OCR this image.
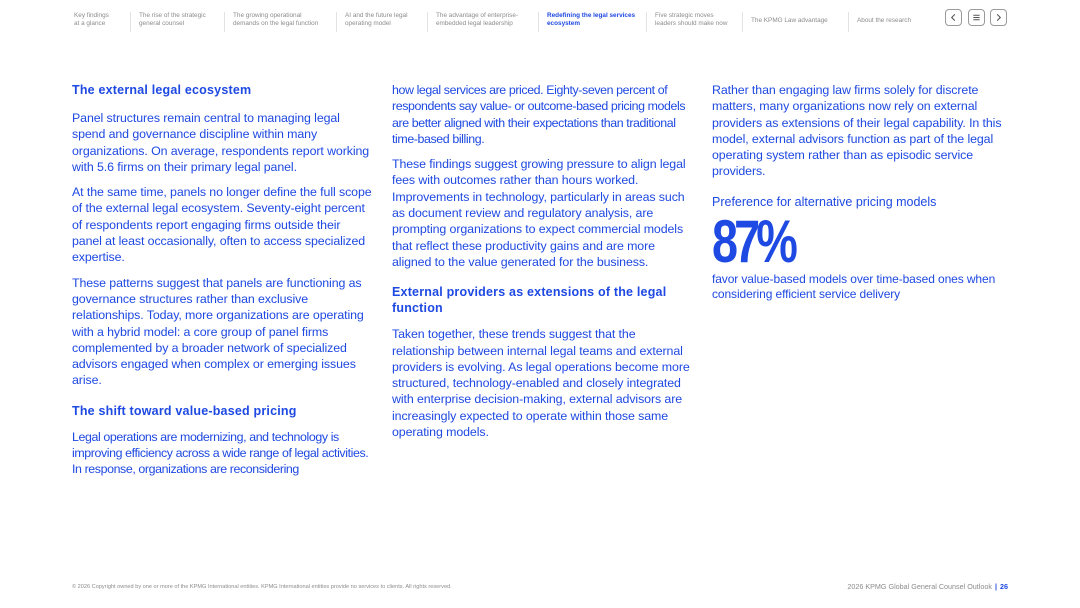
Key findings
at a glance
The rise of the strategic
general counsel
The growing operational
demands on the legal function
AI and the future legal
operating model
The advantage of enterprise-
embedded legal leadership
Redefining the legal services
ecosystem
Five strategic moves
leaders should make now	The KPMG Law advantage	About the research
The external legal ecosystem

Panel structures remain central to managing legal spend and governance discipline within many organizations. On average, respondents report working with 5.6 firms on their primary legal panel.

At the same time, panels no longer define the full scope of the external legal ecosystem. Seventy-eight percent of respondents report engaging firms outside their panel at least occasionally, often to access specialized expertise.

These patterns suggest that panels are functioning as governance structures rather than exclusive relationships. Today, more organizations are operating with a hybrid model: a core group of panel firms complemented by a broader network of specialized advisors engaged when complex or emerging issues arise.

The shift toward value-based pricing

Legal operations are modernizing, and technology is improving efficiency across a wide range of legal activities. In response, organizations are reconsidering

how legal services are priced. Eighty-seven percent of respondents say value- or outcome-based pricing models are better aligned with their expectations than traditional time-based billing.

These findings suggest growing pressure to align legal fees with outcomes rather than hours worked. Improvements in technology, particularly in areas such as document review and regulatory analysis, are prompting organizations to expect commercial models that reflect these productivity gains and are more aligned to the value generated for the business.

External providers as extensions of the legal function

Taken together, these trends suggest that the relationship between internal legal teams and external providers is evolving. As legal operations become more structured, technology-enabled and closely integrated with enterprise decision-making, external advisors are increasingly expected to operate within those same operating models.

Rather than engaging law firms solely for discrete matters, many organizations now rely on external providers as extensions of their legal capability. In this model, external advisors function as part of the legal operating system rather than as episodic service providers.

Preference for alternative pricing models
87%

favor value-based models over time-based ones when considering efficient service delivery

© 2026 Copyright owned by one or more of the KPMG International entities. KPMG International entities provide no services to clients. All rights reserved.	2026 KPMG Global General Counsel Outlook | 26
